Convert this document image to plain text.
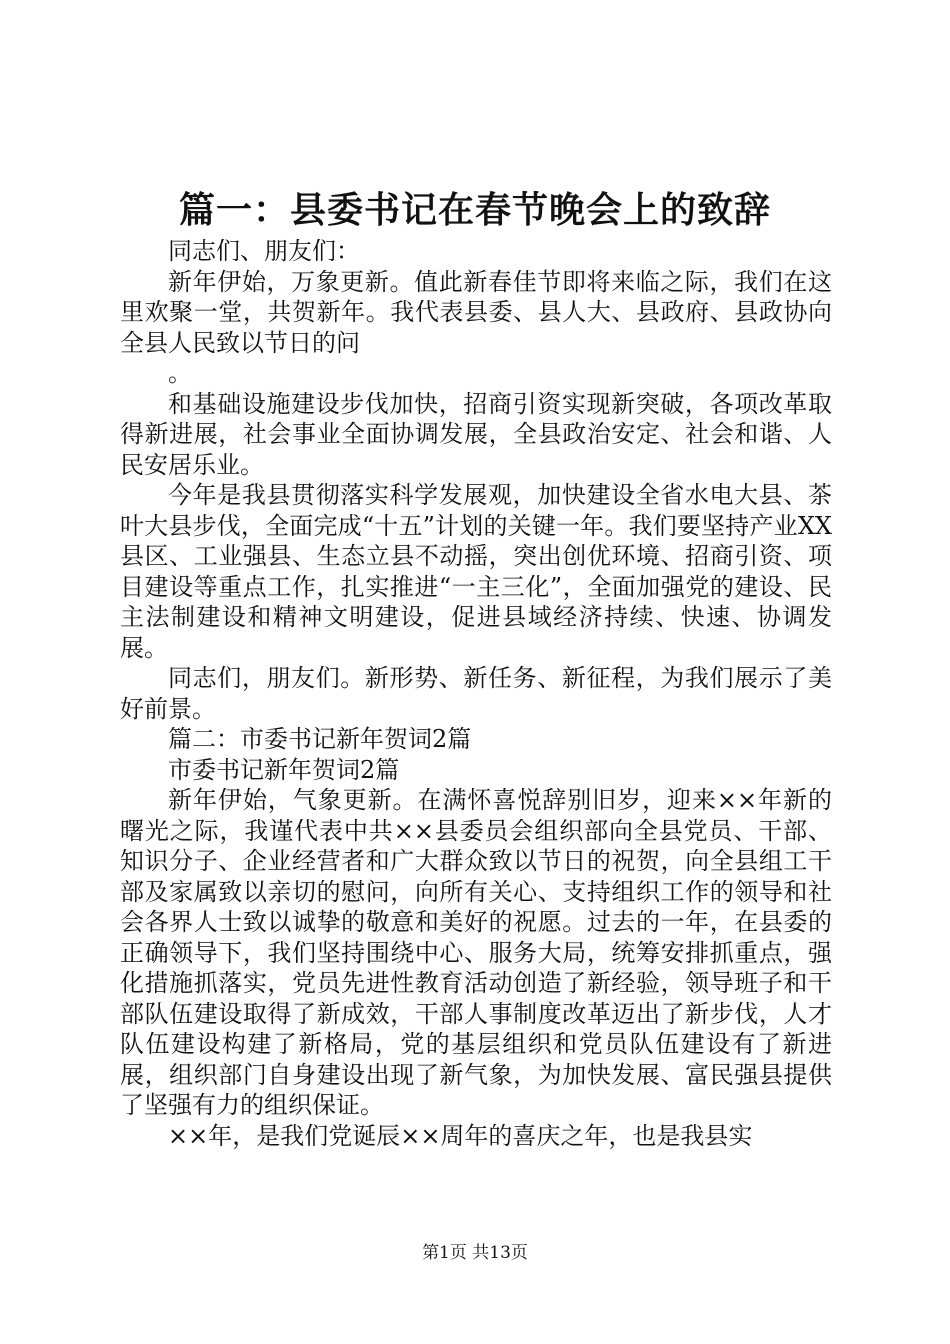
篇一：县委书记在春节晚会上的致辞

同志们、朋友们：

新年伊始，万象更新。值此新春佳节即将来临之际，我们在这里欢聚一堂，共贺新年。我代表县委、县人大、县政府、县政协向全县人民致以节日的问

。

和基础设施建设步伐加快，招商引资实现新突破，各项改革取得新进展，社会事业全面协调发展，全县政治安定、社会和谐、人民安居乐业。

今年是我县贯彻落实科学发展观，加快建设全省水电大县、茶叶大县步伐，全面完成“十五”计划的关键一年。我们要坚持产业XX县区、工业强县、生态立县不动摇，突出创优环境、招商引资、项目建设等重点工作，扎实推进“一主三化”，全面加强党的建设、民主法制建设和精神文明建设，促进县域经济持续、快速、协调发展。

同志们，朋友们。新形势、新任务、新征程，为我们展示了美好前景。

篇二：市委书记新年贺词2篇

市委书记新年贺词2篇

新年伊始，气象更新。在满怀喜悦辞别旧岁，迎来××年新的曙光之际，我谨代表中共××县委员会组织部向全县党员、干部、知识分子、企业经营者和广大群众致以节日的祝贺，向全县组工干部及家属致以亲切的慰问，向所有关心、支持组织工作的领导和社会各界人士致以诚挚的敬意和美好的祝愿。过去的一年，在县委的正确领导下，我们坚持围绕中心、服务大局，统筹安排抓重点，强化措施抓落实，党员先进性教育活动创造了新经验，领导班子和干部队伍建设取得了新成效，干部人事制度改革迈出了新步伐，人才队伍建设构建了新格局，党的基层组织和党员队伍建设有了新进展，组织部门自身建设出现了新气象，为加快发展、富民强县提供了坚强有力的组织保证。

××年，是我们党诞辰××周年的喜庆之年，也是我县实

第1页 共13页
